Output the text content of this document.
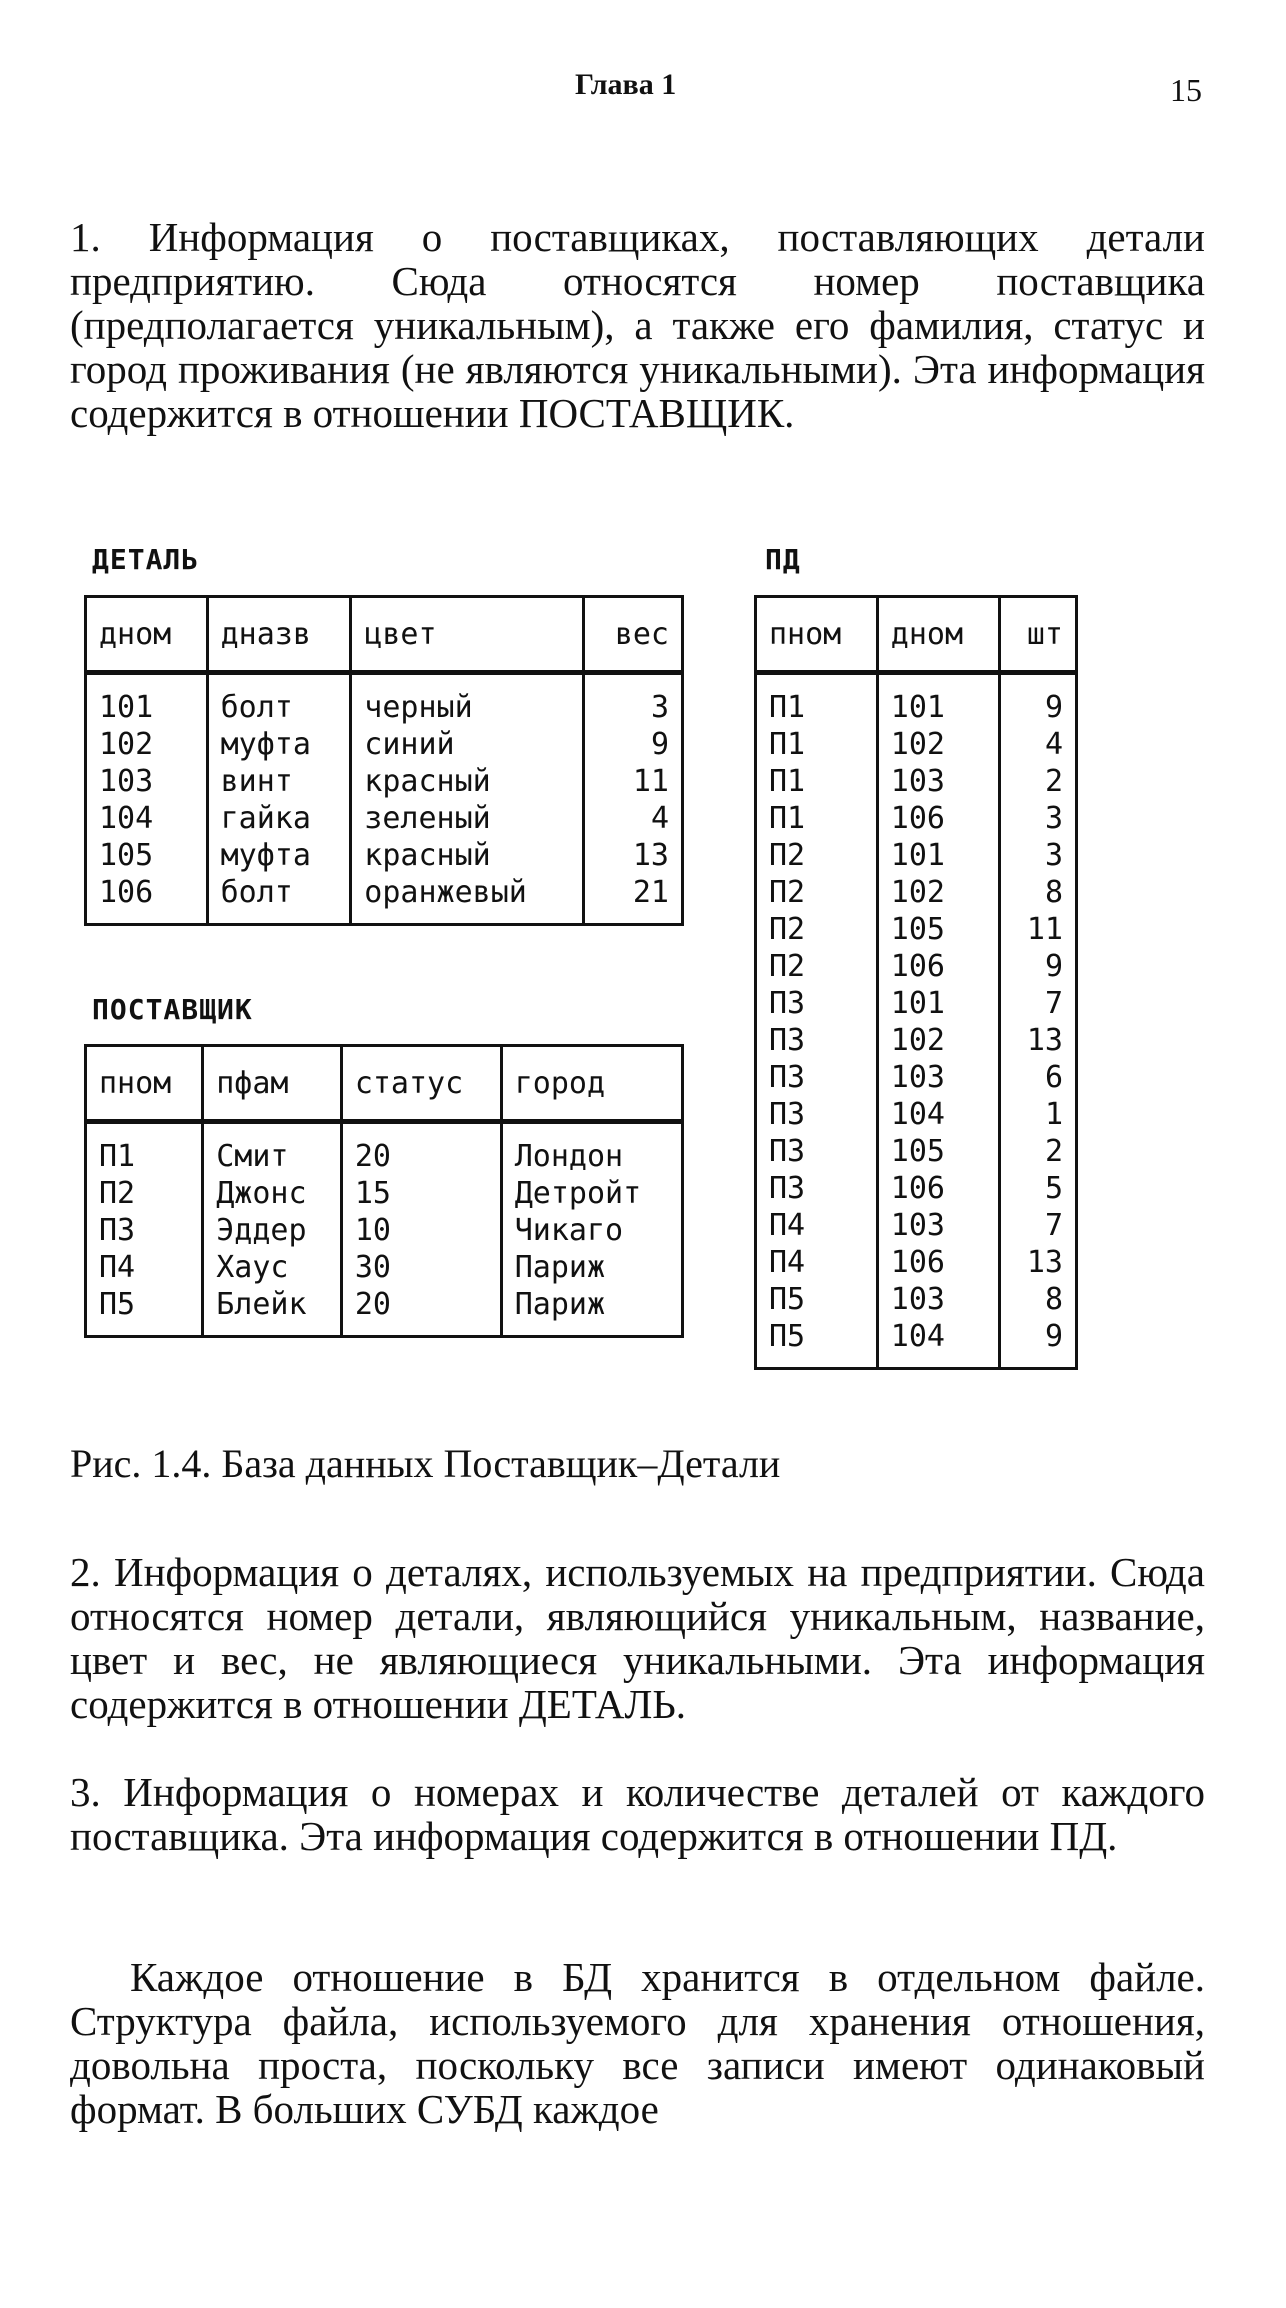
Глава 1	15

1. Информация о поставщиках, поставляющих детали предприятию. Сюда относятся номер поставщика (предполагается уникальным), а также его фамилия, статус и город проживания (не являются уникальными). Эта информация содержится в отношении ПОСТАВЩИК.

ДЕТАЛЬ
дном	дназв	цвет	вес
101	болт	черный	3
102	муфта	синий	9
103	винт	красный	11
104	гайка	зеленый	4
105	муфта	красный	13
106	болт	оранжевый	21
ПОСТАВЩИК
пном	пфам	статус	город
П1	Смит	20	Лондон
П2	Джонс	15	Детройт
П3	Эддер	10	Чикаго
П4	Хаус	30	Париж
П5	Блейк	20	Париж
ПД
пном	дном	шт
П1	101	9
П1	102	4
П1	103	2
П1	106	3
П2	101	3
П2	102	8
П2	105	11
П2	106	9
П3	101	7
П3	102	13
П3	103	6
П3	104	1
П3	105	2
П3	106	5
П4	103	7
П4	106	13
П5	103	8
П5	104	9
Рис. 1.4. База данных Поставщик–Детали

2. Информация о деталях, используемых на предприятии. Сюда относятся номер детали, являющийся уникальным, название, цвет и вес, не являющиеся уникальными. Эта информация содержится в отношении ДЕТАЛЬ.

3. Информация о номерах и количестве деталей от каждого поставщика. Эта информация содержится в отношении ПД.

Каждое отношение в БД хранится в отдельном файле. Структура файла, используемого для хранения отношения, довольна проста, поскольку все записи имеют одинаковый формат. В больших СУБД каждое
